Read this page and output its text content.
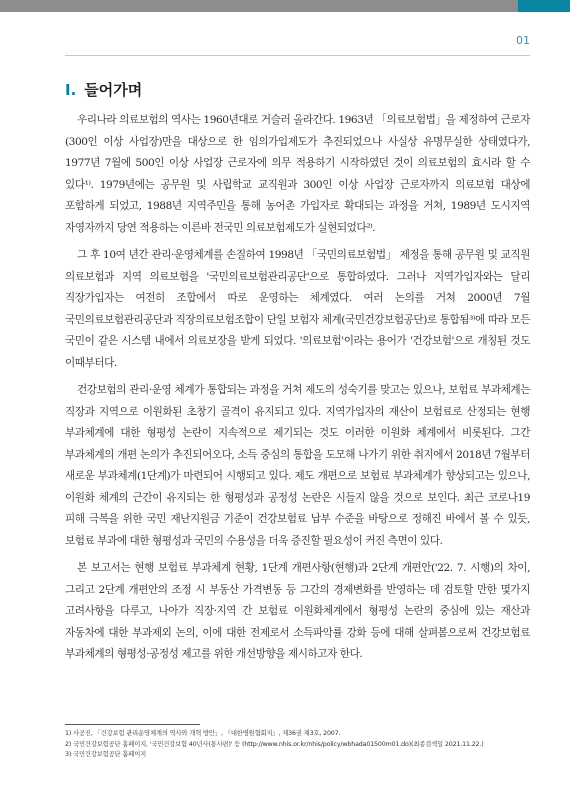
01
Ⅰ. 들어가며

우리나라 의료보험의 역사는 1960년대로 거슬러 올라간다. 1963년 「의료보험법」을 제정하여 근로자(300인 이상 사업장)만을 대상으로 한 임의가입제도가 추진되었으나 사실상 유명무실한 상태였다가, 1977년 7월에 500인 이상 사업장 근로자에 의무 적용하기 시작하였던 것이 의료보험의 효시라 할 수 있다¹⁾. 1979년에는 공무원 및 사립학교 교직원과 300인 이상 사업장 근로자까지 의료보험 대상에 포함하게 되었고, 1988년 지역주민을 통해 농어촌 가입자로 확대되는 과정을 거쳐, 1989년 도시지역 자영자까지 당연 적용하는 이른바 전국민 의료보험제도가 실현되었다²⁾.

그 후 10여 년간 관리·운영체계를 손질하여 1998년 「국민의료보험법」 제정을 통해 공무원 및 교직원 의료보험과 지역 의료보험을 '국민의료보험관리공단'으로 통합하였다. 그러나 지역가입자와는 달리 직장가입자는 여전히 조합에서 따로 운영하는 체계였다. 여러 논의를 거쳐 2000년 7월 국민의료보험관리공단과 직장의료보험조합이 단일 보험자 체계(국민건강보험공단)로 통합됨³⁾에 따라 모든 국민이 같은 시스템 내에서 의료보장을 받게 되었다. '의료보험'이라는 용어가 '건강보험'으로 개칭된 것도 이때부터다.

건강보험의 관리·운영 체계가 통합되는 과정을 거쳐 제도의 성숙기를 맞고는 있으나, 보험료 부과체계는 직장과 지역으로 이원화된 초창기 골격이 유지되고 있다. 지역가입자의 재산이 보험료로 산정되는 현행 부과체계에 대한 형평성 논란이 지속적으로 제기되는 것도 이러한 이원화 체계에서 비롯된다. 그간 부과체계의 개편 논의가 추진되어오다, 소득 중심의 통합을 도모해 나가기 위한 취지에서 2018년 7월부터 새로운 부과체계(1단계)가 마련되어 시행되고 있다. 제도 개편으로 보험료 부과체계가 향상되고는 있으나, 이원화 체계의 근간이 유지되는 한 형평성과 공정성 논란은 시들지 않을 것으로 보인다. 최근 코로나19 피해 극복을 위한 국민 재난지원금 기준이 건강보험료 납부 수준을 바탕으로 정해진 바에서 볼 수 있듯, 보험료 부과에 대한 형평성과 국민의 수용성을 더욱 증진할 필요성이 커진 측면이 있다.

본 보고서는 현행 보험료 부과체계 현황, 1단계 개편사항(현행)과 2단계 개편안('22. 7. 시행)의 차이, 그리고 2단계 개편안의 조정 시 부동산 가격변동 등 그간의 경제변화를 반영하는 데 검토할 만한 몇가지 고려사항을 다루고, 나아가 직장·지역 간 보험료 이원화체계에서 형평성 논란의 중심에 있는 재산과 자동차에 대한 부과제외 논의, 이에 대한 전제로서 소득파악률 강화 등에 대해 살펴봄으로써 건강보험료 부과체계의 형평성·공정성 제고를 위한 개선방향을 제시하고자 한다.

1) 사공진, 「건강보험 관리운영체계의 역사와 개혁 방안」, 『대한병원협회지』, 제36권 제3호, 2007.
2) 국민건강보험공단 홈페이지, '국민건강보험 40년사(통사편)' 등 (http://www.nhis.or.kr/nhis/policy/wbhada01500m01.do)(최종검색일 2021.11.22.)
3) 국민건강보험공단 홈페이지
